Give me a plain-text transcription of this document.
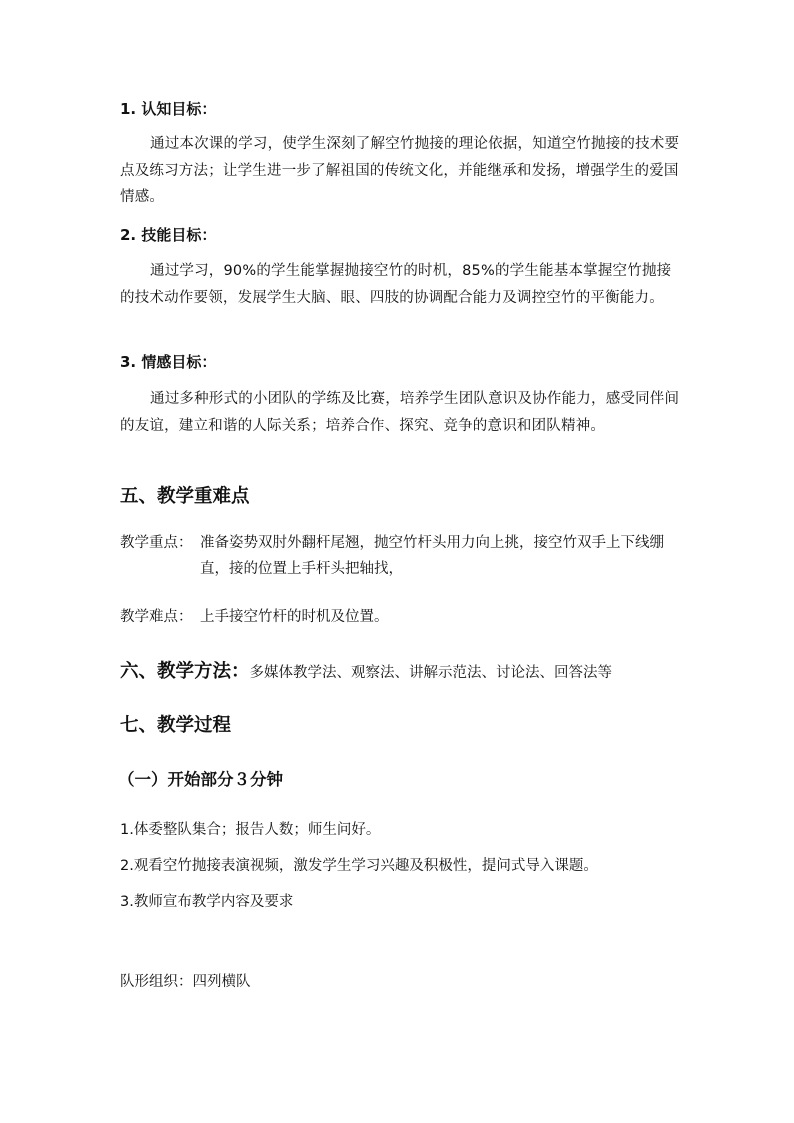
1. 认知目标：
通过本次课的学习，使学生深刻了解空竹抛接的理论依据，知道空竹抛接的技术要点及练习方法；让学生进一步了解祖国的传统文化，并能继承和发扬，增强学生的爱国情感。
2. 技能目标：
通过学习，90%的学生能掌握抛接空竹的时机，85%的学生能基本掌握空竹抛接的技术动作要领，发展学生大脑、眼、四肢的协调配合能力及调控空竹的平衡能力。
3. 情感目标：
通过多种形式的小团队的学练及比赛，培养学生团队意识及协作能力，感受同伴间的友谊，建立和谐的人际关系；培养合作、探究、竞争的意识和团队精神。
五、教学重难点
教学重点： 准备姿势双肘外翻杆尾翘，抛空竹杆头用力向上挑，接空竹双手上下线绷直，接的位置上手杆头把轴找，
教学难点： 上手接空竹杆的时机及位置。
六、教学方法：多媒体教学法、观察法、讲解示范法、讨论法、回答法等
七、教学过程
（一）开始部分３分钟
1.体委整队集合；报告人数；师生问好。
2.观看空竹抛接表演视频，激发学生学习兴趣及积极性，提问式导入课题。
3.教师宣布教学内容及要求
队形组织：四列横队
